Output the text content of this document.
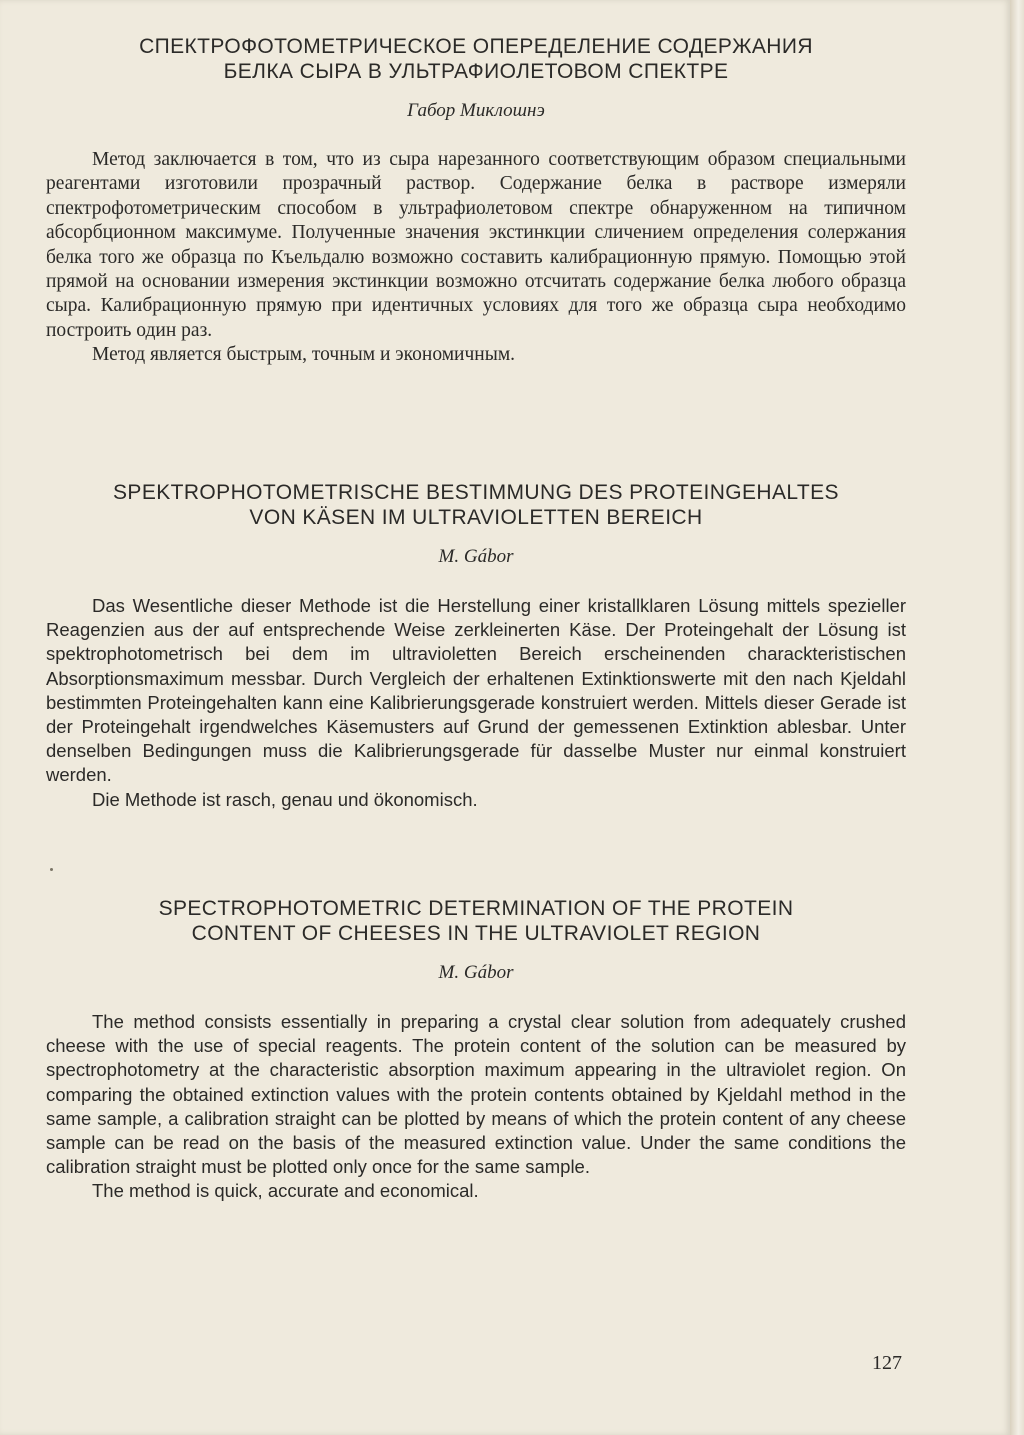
СПЕКТРОФОТОМЕТРИЧЕСКОЕ ОПЕРЕДЕЛЕНИЕ СОДЕРЖАНИЯ
БЕЛКА СЫРА В УЛЬТРАФИОЛЕТОВОМ СПЕКТРЕ
Габор Миклошнэ

Метод заключается в том, что из сыра нарезанного соответствующим образом специальными реагентами изготовили прозрачный раствор. Содержание белка в растворе измеряли спектрофотометрическим способом в ультрафиолетовом спектре обнаруженном на типичном абсорбционном максимуме. Полученные значения экстинкции сличением определения солержания белка того же образца по Къельдалю возможно составить калибрационную прямую. Помощью этой прямой на основании измерения экстинкции возможно отсчитать содержание белка любого образца сыра. Калибрационную прямую при идентичных условиях для того же образца сыра необходимо построить один раз.

Метод является быстрым, точным и экономичным.

SPEKTROPHOTOMETRISCHE BESTIMMUNG DES PROTEINGEHALTES
VON KÄSEN IM ULTRAVIOLETTEN BEREICH
M. Gábor

Das Wesentliche dieser Methode ist die Herstellung einer kristallklaren Lösung mittels spezieller Reagenzien aus der auf entsprechende Weise zerkleinerten Käse. Der Proteingehalt der Lösung ist spektrophotometrisch bei dem im ultravioletten Bereich erscheinenden charackteristischen Absorptionsmaximum messbar. Durch Vergleich der erhaltenen Extinktionswerte mit den nach Kjeldahl bestimmten Proteingehalten kann eine Kalibrierungsgerade konstruiert werden. Mittels dieser Gerade ist der Proteingehalt irgendwelches Käsemusters auf Grund der gemessenen Extinktion ablesbar. Unter denselben Bedingungen muss die Kalibrierungsgerade für dasselbe Muster nur einmal konstruiert werden.

Die Methode ist rasch, genau und ökonomisch.

SPECTROPHOTOMETRIC DETERMINATION OF THE PROTEIN
CONTENT OF CHEESES IN THE ULTRAVIOLET REGION
M. Gábor

The method consists essentially in preparing a crystal clear solution from adequately crushed cheese with the use of special reagents. The protein content of the solution can be measured by spectrophotometry at the characteristic absorption maximum appearing in the ultraviolet region. On comparing the obtained extinction values with the protein contents obtained by Kjeldahl method in the same sample, a calibration straight can be plotted by means of which the protein content of any cheese sample can be read on the basis of the measured extinction value. Under the same conditions the calibration straight must be plotted only once for the same sample.

The method is quick, accurate and economical.

127
